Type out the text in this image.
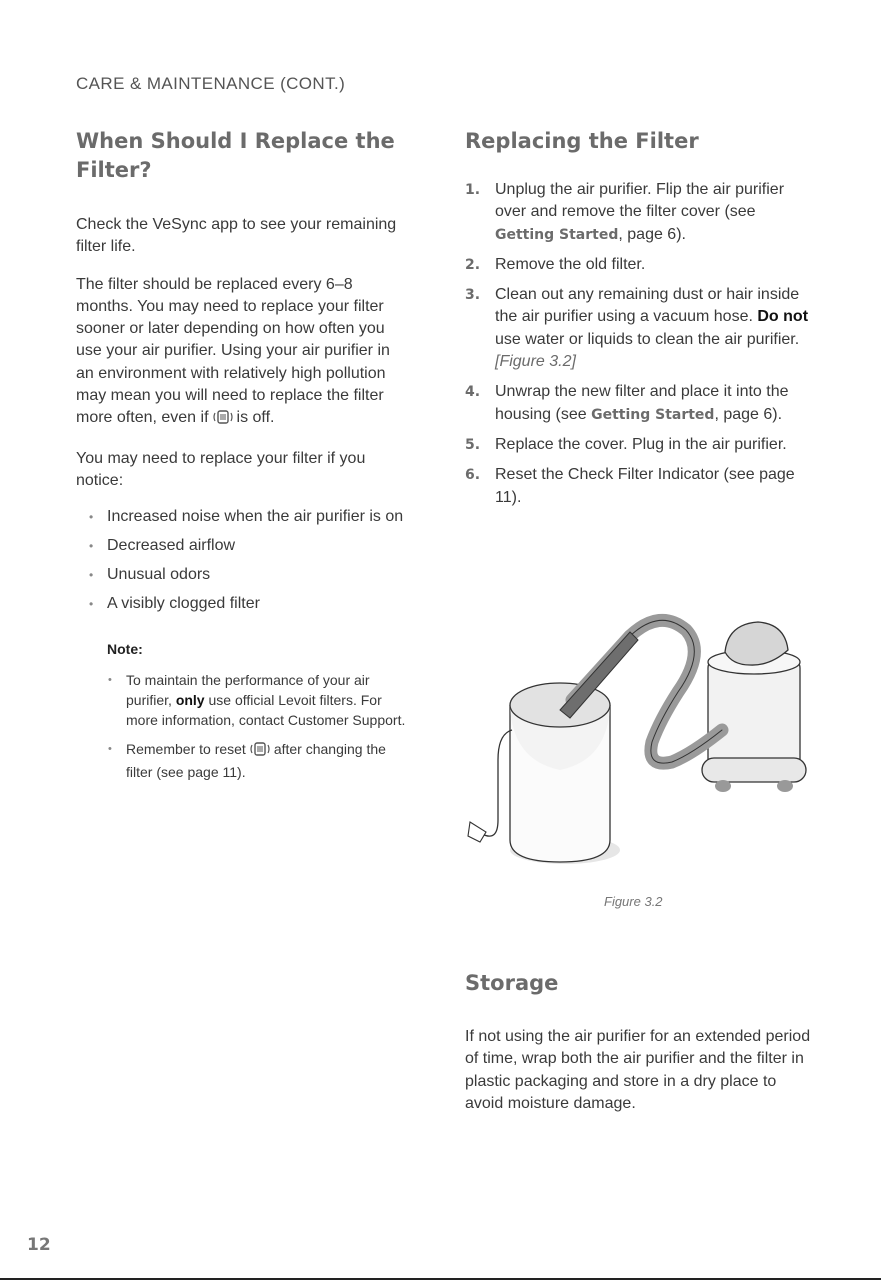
CARE & MAINTENANCE (CONT.)
When Should I Replace the Filter?

Check the VeSync app to see your remaining filter life.

The filter should be replaced every 6–8 months. You may need to replace your filter sooner or later depending on how often you use your air purifier. Using your air purifier in an environment with relatively high pollution may mean you will need to replace the filter more often, even if is off.

You may need to replace your filter if you notice:

• Increased noise when the air purifier is on
• Decreased airflow
• Unusual odors
• A visibly clogged filter
Note:
• To maintain the performance of your air purifier, only use official Levoit filters. For more information, contact Customer Support.
• Remember to reset after changing the filter (see page 11).
Replacing the Filter
1. Unplug the air purifier. Flip the air purifier over and remove the filter cover (see Getting Started, page 6).
2. Remove the old filter.
3. Clean out any remaining dust or hair inside the air purifier using a vacuum hose. Do not use water or liquids to clean the air purifier. [Figure 3.2]
4. Unwrap the new filter and place it into the housing (see Getting Started, page 6).
5. Replace the cover. Plug in the air purifier.
6. Reset the Check Filter Indicator (see page 11).
Figure 3.2
Storage

If not using the air purifier for an extended period of time, wrap both the air purifier and the filter in plastic packaging and store in a dry place to avoid moisture damage.

12
